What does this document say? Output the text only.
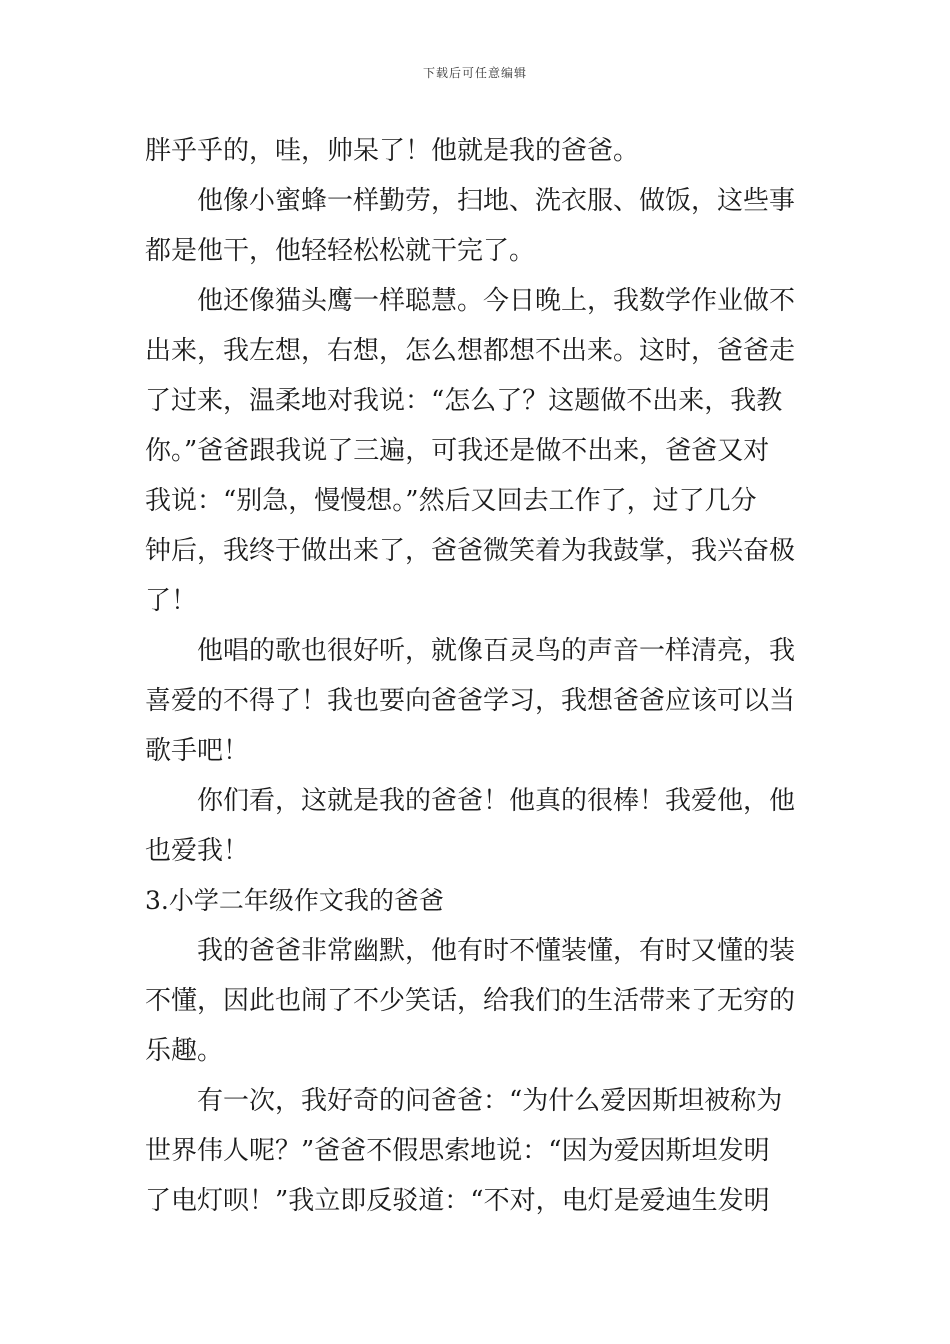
下载后可任意编辑
胖乎乎的，哇，帅呆了！他就是我的爸爸。
他像小蜜蜂一样勤劳，扫地、洗衣服、做饭，这些事
都是他干，他轻轻松松就干完了。
他还像猫头鹰一样聪慧。今日晚上，我数学作业做不
出来，我左想，右想，怎么想都想不出来。这时，爸爸走
了过来，温柔地对我说：“怎么了？这题做不出来，我教
你。”爸爸跟我说了三遍，可我还是做不出来，爸爸又对
我说：“别急，慢慢想。”然后又回去工作了，过了几分
钟后，我终于做出来了，爸爸微笑着为我鼓掌，我兴奋极
了！
他唱的歌也很好听，就像百灵鸟的声音一样清亮，我
喜爱的不得了！我也要向爸爸学习，我想爸爸应该可以当
歌手吧！
你们看，这就是我的爸爸！他真的很棒！我爱他，他
也爱我！
3.小学二年级作文我的爸爸
我的爸爸非常幽默，他有时不懂装懂，有时又懂的装
不懂，因此也闹了不少笑话，给我们的生活带来了无穷的
乐趣。
有一次，我好奇的问爸爸：“为什么爱因斯坦被称为
世界伟人呢？”爸爸不假思索地说：“因为爱因斯坦发明
了电灯呗！”我立即反驳道：“不对，电灯是爱迪生发明
